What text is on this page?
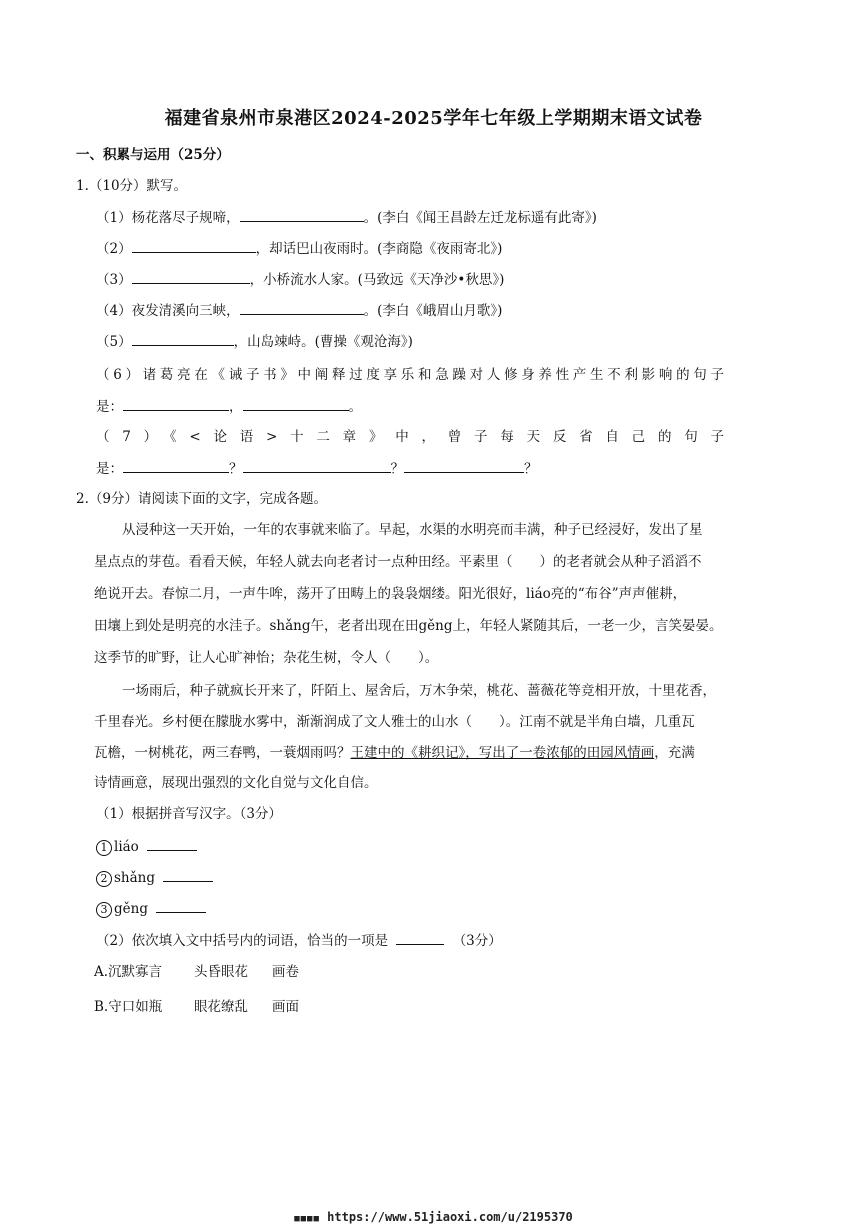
福建省泉州市泉港区2024-2025学年七年级上学期期末语文试卷
一、积累与运用（25分）
1.（10分）默写。
（1）杨花落尽子规啼，	。(李白《闻王昌龄左迁龙标遥有此寄》)
（2）	，却话巴山夜雨时。(李商隐《夜雨寄北》)
（3）	，小桥流水人家。(马致远《天净沙•秋思》)
（4）夜发清溪向三峡，	。(李白《峨眉山月歌》)
（5）	，山岛竦峙。(曹操《观沧海》)
（6）诸葛亮在《诫子书》中阐释过度享乐和急躁对人修身养性产生不利影响的句子
是：	，	。
（7）《<论语>十二章》中，曾子每天反省自己的句子
是：	？	？	？
2.（9分）请阅读下面的文字，完成各题。
从浸种这一天开始，一年的农事就来临了。早起，水渠的水明亮而丰满，种子已经浸好，发出了星
星点点的芽苞。看看天候，年轻人就去向老者讨一点种田经。平素里（　　）的老者就会从种子滔滔不
绝说开去。春惊二月，一声牛哞，荡开了田畴上的袅袅烟缕。阳光很好，liáo亮的“布谷”声声催耕，
田壤上到处是明亮的水洼子。shǎng午，老者出现在田gěng上，年轻人紧随其后，一老一少，言笑晏晏。
这季节的旷野，让人心旷神怡；杂花生树，令人（　　）。
一场雨后，种子就疯长开来了，阡陌上、屋舍后，万木争荣，桃花、蔷薇花等竞相开放，十里花香，
千里春光。乡村便在朦胧水雾中，渐渐润成了文人雅士的山水（　　）。江南不就是半角白墙，几重瓦
瓦檐，一树桃花，两三春鸭，一蓑烟雨吗？王建中的《耕织记》，写出了一卷浓郁的田园风情画，充满
诗情画意，展现出强烈的文化自觉与文化自信。
（1）根据拼音写汉字。（3分）
1 liáo
2 shǎng
3 gěng
（2）依次填入文中括号内的词语，恰当的一项是	（3分）
A.沉默寡言 头昏眼花 画卷
B.守口如瓶 眼花缭乱 画面
■■■■ https://www.51jiaoxi.com/u/2195370
